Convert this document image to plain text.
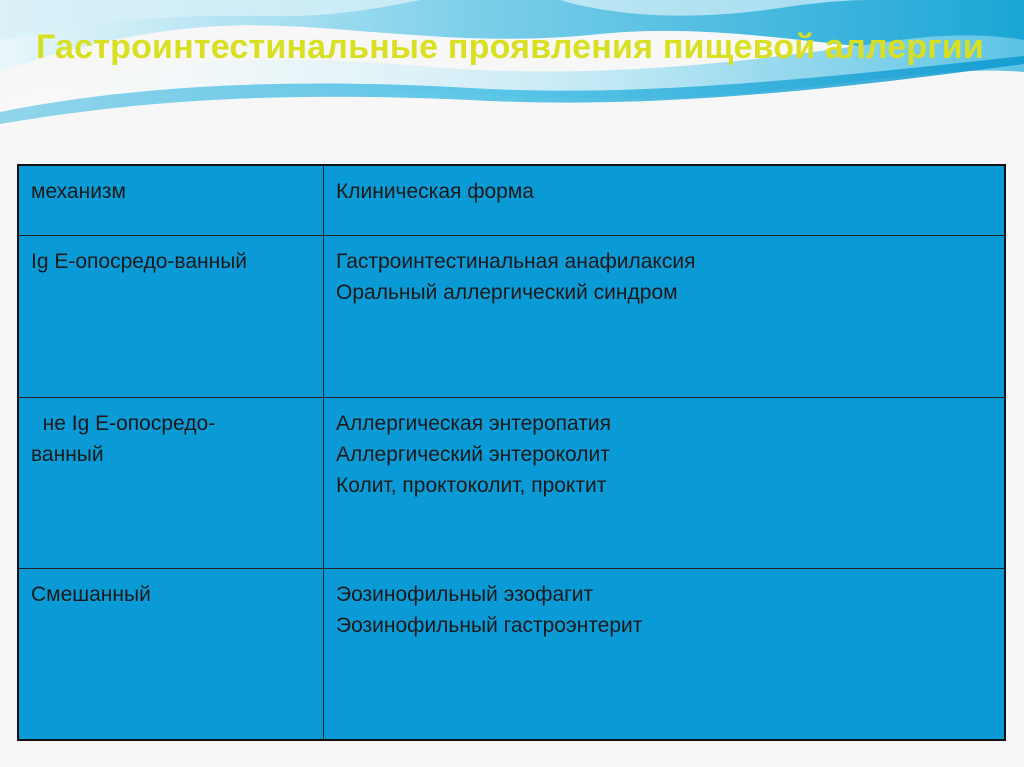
Гастроинтестинальные проявления пищевой аллергии
механизм	Клиническая форма

Ig E-опосредо-ванный	Гастроинтестинальная анафилаксия
Оральный аллергический синдром

не Ig E-опосредо-
ванный	Аллергическая энтеропатия
Аллергический энтероколит
Колит, проктоколит, проктит

Смешанный	Эозинофильный эзофагит
Эозинофильный гастроэнтерит
